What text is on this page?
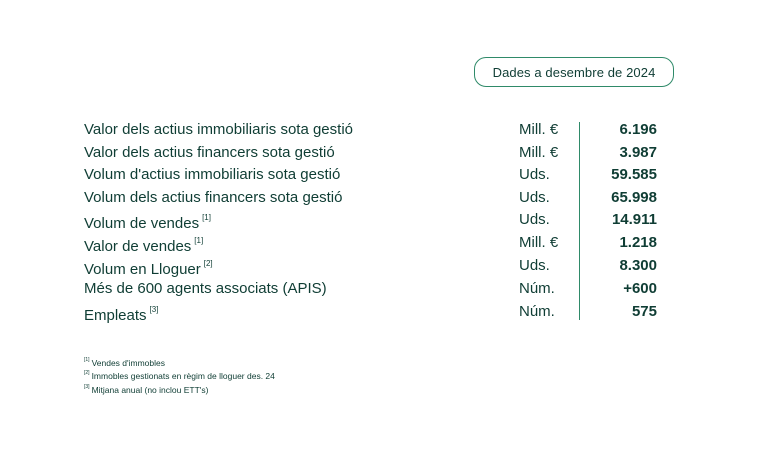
Dades a desembre de 2024
Valor dels actius immobiliaris sota gestió	Mill. €	6.196
Valor dels actius financers sota gestió	Mill. €	3.987
Volum d'actius immobiliaris sota gestió	Uds.	59.585
Volum dels actius financers sota gestió	Uds.	65.998
Volum de vendes [1]	Uds.	14.911
Valor de vendes [1]	Mill. €	1.218
Volum en Lloguer [2]	Uds.	8.300
Més de 600 agents associats (APIS)	Núm.	+600
Empleats [3]	Núm.	575
[1] Vendes d'immobles
[2] Immobles gestionats en règim de lloguer des. 24
[3] Mitjana anual (no inclou ETT's)
